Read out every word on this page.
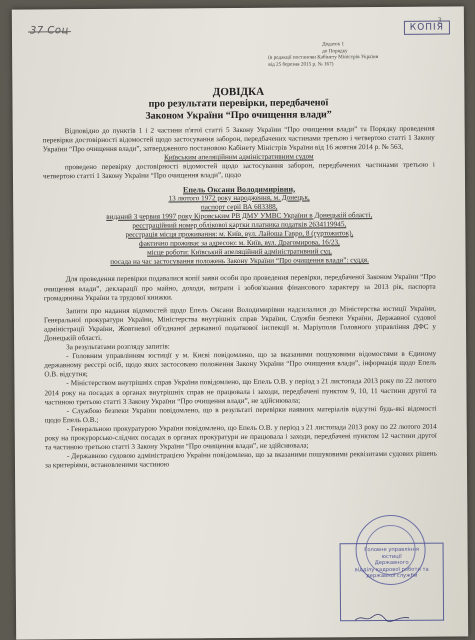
37 Соц	КОПІЯ
3
Додаток 1
до Порядку
(в редакції постанови Кабінету Міністрів України
від 25 березня 2015 р. № 167)
ДОВІДКА
про результати перевірки, передбаченої
Законом України “Про очищення влади”

Відповідно до пунктів 1 і 2 частини п'ятої статті 5 Закону України “Про очищення влади” та Порядку проведення перевірки достовірності відомостей щодо застосування заборон, передбачених частинами третьою і четвертою статті 1 Закону України “Про очищення влади”, затвердженого постановою Кабінету Міністрів України від 16 жовтня 2014 р. № 563,

Київським апеляційним адміністративним судом

проведено перевірку достовірності відомостей щодо застосування заборон, передбачених частинами третьою і четвертою статті 1 Закону України “Про очищення влади”, щодо

Епель Оксани Володимирівни,

13 лютого 1972 року народження, м. Донецьк,

паспорт серії ВА 683388,

виданий 3 червня 1997 року Кіровським РВ ДМУ УМВС України в Донецькій області,

реєстраційний номер облікової картки платника податків 2634119945,

реєстрація місця проживання: м. Київ, вул. Лайоша Гавро, 8 (гуртожиток),

фактично проживає за адресою: м. Київ, вул. Драгомирова, 16/23,

місце роботи: Київський апеляційний адміністративний суд,

посада на час застосування положень Закону України “Про очищення влади”: суддя.

Для проведення перевірки подавалися копії заяви особи про проведення перевірки, передбаченої Законом України “Про очищення влади”, декларації про майно, доходи, витрати і зобов'язання фінансового характеру за 2013 рік, паспорта громадянина України та трудової книжки.

Запити про надання відомостей щодо Епель Оксани Володимирівни надсилалися до Міністерства юстиції України, Генеральної прокуратури України, Міністерства внутрішніх справ України, Служби безпеки України, Державної судової адміністрації України, Жовтневої об'єднаної державної податкової інспекції м. Маріуполя Головного управління ДФС у Донецькій області.

За результатами розгляду запитів:

- Головним управлінням юстиції у м. Києві повідомлено, що за вказаними пошуковими відомостями в Єдиному державному реєстрі осіб, щодо яких застосовано положення Закону України “Про очищення влади”, інформація щодо Епель О.В. відсутня;

- Міністерством внутрішніх справ України повідомлено, що Епель О.В. у період з 21 листопада 2013 року по 22 лютого 2014 року на посадах в органах внутрішніх справ не працювала і заходи, передбачені пунктом 9, 10, 11 частини другої та частиною третьою статті 3 Закону України “Про очищення влади”, не здійснювала;

- Службою безпеки України повідомлено, що в результаті перевірки наявних матеріалів відсутні будь-які відомості щодо Епель О.В.;

- Генеральною прокуратурою України повідомлено, що Епель О.В. у період з 21 листопада 2013 року по 22 лютого 2014 року на прокурорсько-слідчих посадах в органах прокуратури не працювала і заходи, передбачені пунктом 12 частини другої та частиною третьою статті 3 Закону України “Про очищення влади”, не здійснювала;

- Державною судовою адміністрацією України повідомлено, що за вказаними пошуковими реквізитами судових рішень за критеріями, встановленими частиною

Головне управління
юстиції
Державного
відділу кадрової роботи та
державної служби
